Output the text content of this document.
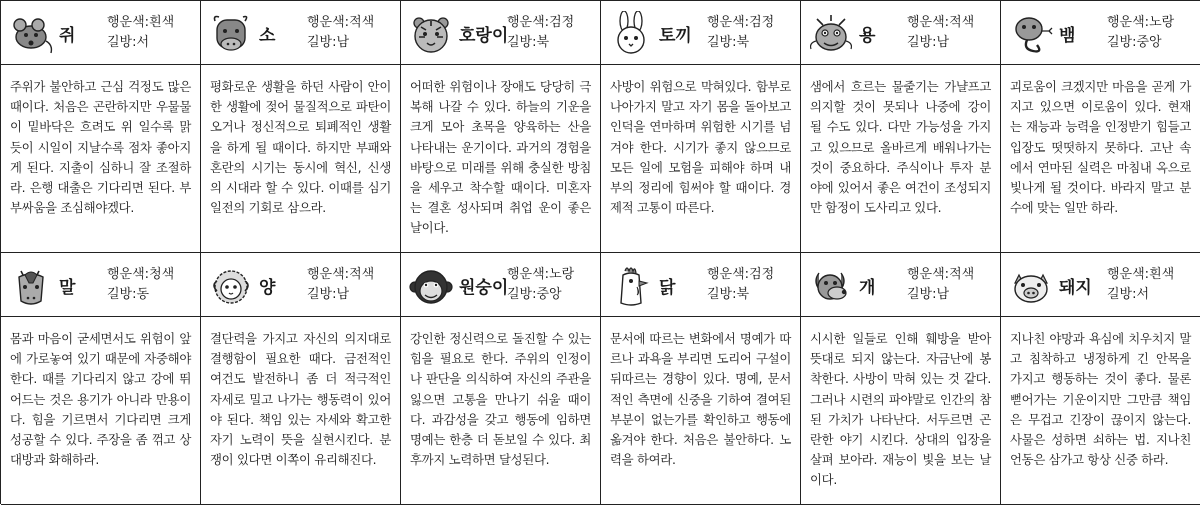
쥐
행운색:흰색
길방:서
주위가 불안하고 근심 걱정도 많은 때이다. 처음은 곤란하지만 우물물이 밑바닥은 흐려도 위 일수록 맑듯이 시일이 지날수록 점차 좋아지게 된다. 지출이 심하니 잘 조절하라. 은행 대출은 기다리면 된다. 부부싸움을 조심해야겠다.
소
행운색:적색
길방:남
평화로운 생활을 하던 사람이 안이한 생활에 젖어 물질적으로 파탄이 오거나 정신적으로 퇴폐적인 생활을 하게 될 때이다. 하지만 부패와 혼란의 시기는 동시에 혁신, 신생의 시대라 할 수 있다. 이때를 심기일전의 기회로 삼으라.
호랑이
행운색:검정
길방:북
어떠한 위험이나 장애도 당당히 극복해 나갈 수 있다. 하늘의 기운을 크게 모아 초목을 양육하는 산을 나타내는 운기이다. 과거의 경험을 바탕으로 미래를 위해 충실한 방침을 세우고 착수할 때이다. 미혼자는 결혼 성사되며 취업 운이 좋은 날이다.
토끼
행운색:검정
길방:북
사방이 위험으로 막혀있다. 함부로 나아가지 말고 자기 몸을 돌아보고 인덕을 연마하며 위험한 시기를 넘겨야 한다. 시기가 좋지 않으므로 모든 일에 모험을 피해야 하며 내부의 정리에 힘써야 할 때이다. 경제적 고통이 따른다.
용
행운색:적색
길방:남
샘에서 흐르는 물줄기는 가냘프고 의지할 것이 못되나 나중에 강이 될 수도 있다. 다만 가능성을 가지고 있으므로 올바르게 배워나가는 것이 중요하다. 주식이나 투자 분야에 있어서 좋은 여건이 조성되지만 함정이 도사리고 있다.
뱀
행운색:노랑
길방:중앙
괴로움이 크겠지만 마음을 곧게 가지고 있으면 이로움이 있다. 현재는 재능과 능력을 인정받기 힘들고 입장도 떳떳하지 못하다. 고난 속에서 연마된 실력은 마침내 옥으로 빛나게 될 것이다. 바라지 말고 분수에 맞는 일만 하라.
말
행운색:청색
길방:동
몸과 마음이 굳세면서도 위험이 앞에 가로놓여 있기 때문에 자중해야 한다. 때를 기다리지 않고 강에 뛰어드는 것은 용기가 아니라 만용이다. 힘을 기르면서 기다리면 크게 성공할 수 있다. 주장을 좀 꺾고 상대방과 화해하라.
양
행운색:적색
길방:남
결단력을 가지고 자신의 의지대로 결행함이 필요한 때다. 금전적인 여건도 발전하니 좀 더 적극적인 자세로 밀고 나가는 행동력이 있어야 된다. 책임 있는 자세와 확고한 자기 노력이 뜻을 실현시킨다. 분쟁이 있다면 이쪽이 유리해진다.
원숭이
행운색:노랑
길방:중앙
강인한 정신력으로 돌진할 수 있는 힘을 필요로 한다. 주위의 인정이나 판단을 의식하여 자신의 주관을 잃으면 고통을 만나기 쉬울 때이다. 과감성을 갖고 행동에 임하면 명예는 한층 더 돋보일 수 있다. 최후까지 노력하면 달성된다.
닭
행운색:검정
길방:북
문서에 따르는 변화에서 명예가 따르나 과욕을 부리면 도리어 구설이 뒤따르는 경향이 있다. 명예, 문서적인 측면에 신중을 기하여 결여된 부분이 없는가를 확인하고 행동에 옮겨야 한다. 처음은 불안하다. 노력을 하여라.
개
행운색:적색
길방:남
시시한 일들로 인해 훼방을 받아 뜻대로 되지 않는다. 자금난에 봉착한다. 사방이 막혀 있는 것 같다. 그러나 시련의 파야말로 인간의 참된 가치가 나타난다. 서두르면 곤란한 야기 시킨다. 상대의 입장을 살펴 보아라. 재능이 빛을 보는 날이다.
돼지
행운색:흰색
길방:서
지나친 야망과 욕심에 치우치지 말고 침착하고 냉정하게 긴 안목을 가지고 행동하는 것이 좋다. 물론 뻗어가는 기운이지만 그만큼 책임은 무겁고 긴장이 끊이지 않는다. 사물은 성하면 쇠하는 법. 지나친 언동은 삼가고 항상 신중 하라.
